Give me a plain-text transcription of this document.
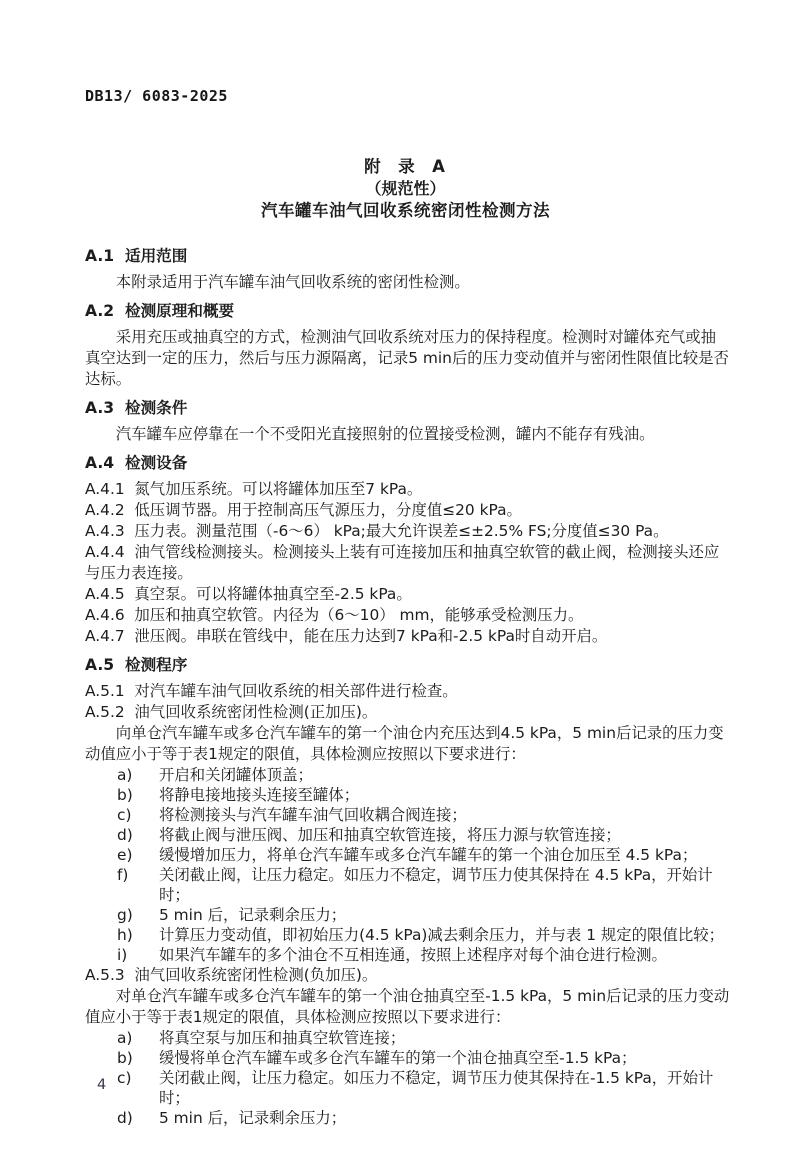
DB13/ 6083-2025
附  录  A
（规范性）
汽车罐车油气回收系统密闭性检测方法
A.1  适用范围
本附录适用于汽车罐车油气回收系统的密闭性检测。
A.2  检测原理和概要
采用充压或抽真空的方式，检测油气回收系统对压力的保持程度。检测时对罐体充气或抽真空达到一定的压力，然后与压力源隔离，记录5 min后的压力变动值并与密闭性限值比较是否达标。
A.3  检测条件
汽车罐车应停靠在一个不受阳光直接照射的位置接受检测，罐内不能存有残油。
A.4  检测设备
A.4.1  氮气加压系统。可以将罐体加压至7 kPa。
A.4.2  低压调节器。用于控制高压气源压力，分度值≤20 kPa。
A.4.3  压力表。测量范围（-6～6） kPa;最大允许误差≤±2.5% FS;分度值≤30 Pa。
A.4.4  油气管线检测接头。检测接头上装有可连接加压和抽真空软管的截止阀，检测接头还应与压力表连接。
A.4.5  真空泵。可以将罐体抽真空至-2.5 kPa。
A.4.6  加压和抽真空软管。内径为（6～10） mm，能够承受检测压力。
A.4.7  泄压阀。串联在管线中，能在压力达到7 kPa和-2.5 kPa时自动开启。
A.5  检测程序
A.5.1  对汽车罐车油气回收系统的相关部件进行检查。
A.5.2  油气回收系统密闭性检测(正加压)。
向单仓汽车罐车或多仓汽车罐车的第一个油仓内充压达到4.5 kPa，5 min后记录的压力变动值应小于等于表1规定的限值，具体检测应按照以下要求进行：
a)	开启和关闭罐体顶盖；
b)	将静电接地接头连接至罐体；
c)	将检测接头与汽车罐车油气回收耦合阀连接；
d)	将截止阀与泄压阀、加压和抽真空软管连接，将压力源与软管连接；
e)	缓慢增加压力，将单仓汽车罐车或多仓汽车罐车的第一个油仓加压至 4.5 kPa；
f)	关闭截止阀，让压力稳定。如压力不稳定，调节压力使其保持在 4.5 kPa，开始计时；
g)	5 min 后，记录剩余压力；
h)	计算压力变动值，即初始压力(4.5 kPa)减去剩余压力，并与表 1 规定的限值比较；
i)	如果汽车罐车的多个油仓不互相连通，按照上述程序对每个油仓进行检测。
A.5.3  油气回收系统密闭性检测(负加压)。
对单仓汽车罐车或多仓汽车罐车的第一个油仓抽真空至-1.5 kPa，5 min后记录的压力变动值应小于等于表1规定的限值，具体检测应按照以下要求进行：
a)	将真空泵与加压和抽真空软管连接；
b)	缓慢将单仓汽车罐车或多仓汽车罐车的第一个油仓抽真空至-1.5 kPa；
c)	关闭截止阀，让压力稳定。如压力不稳定，调节压力使其保持在-1.5 kPa，开始计时；
d)	5 min 后，记录剩余压力；
4
